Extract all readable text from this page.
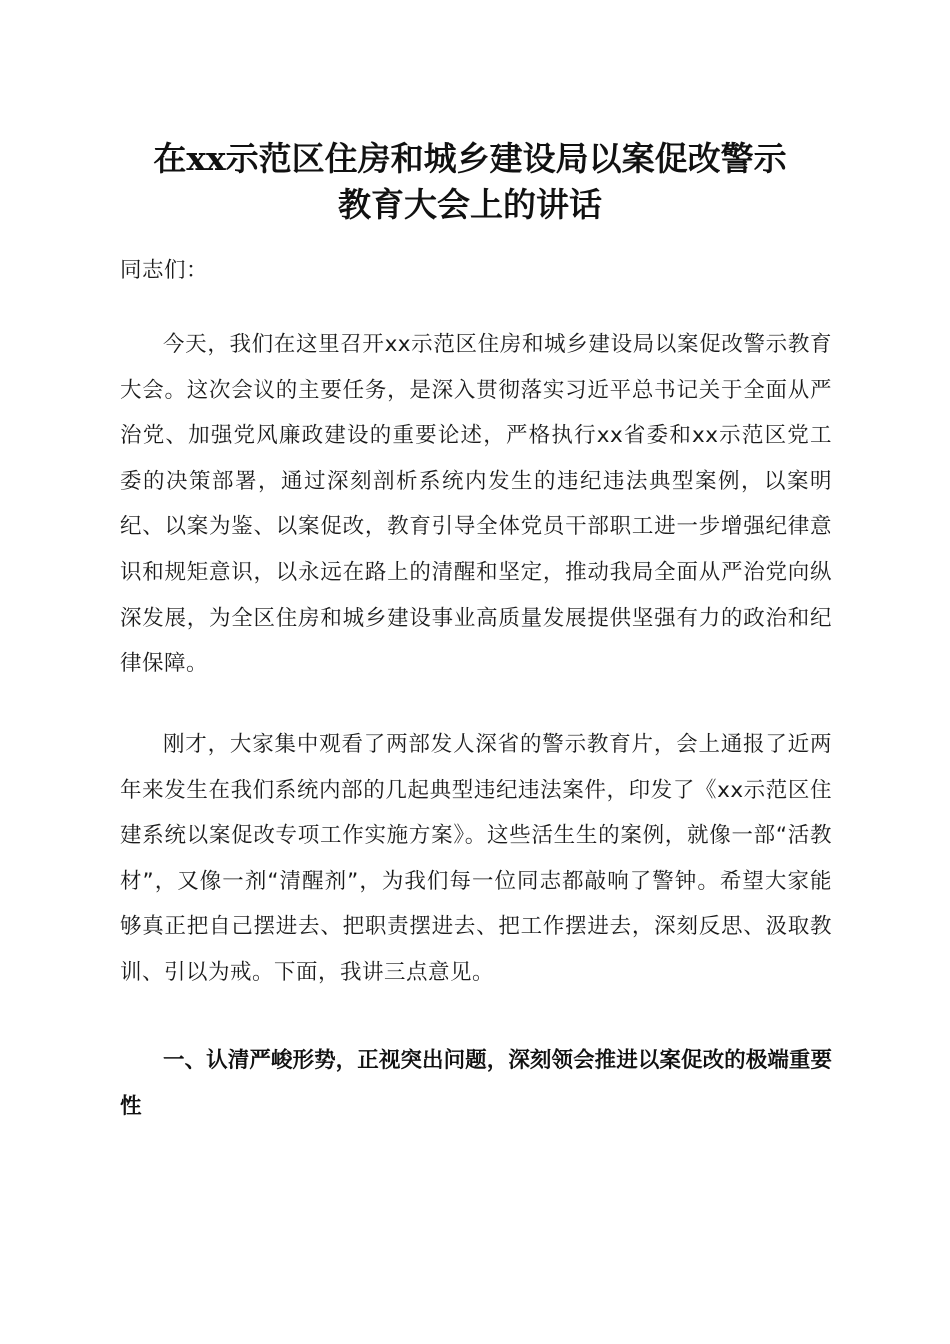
在xx示范区住房和城乡建设局以案促改警示
教育大会上的讲话

同志们：

今天，我们在这里召开xx示范区住房和城乡建设局以案促改警示教育大会。这次会议的主要任务，是深入贯彻落实习近平总书记关于全面从严治党、加强党风廉政建设的重要论述，严格执行xx省委和xx示范区党工委的决策部署，通过深刻剖析系统内发生的违纪违法典型案例，以案明纪、以案为鉴、以案促改，教育引导全体党员干部职工进一步增强纪律意识和规矩意识，以永远在路上的清醒和坚定，推动我局全面从严治党向纵深发展，为全区住房和城乡建设事业高质量发展提供坚强有力的政治和纪律保障。

刚才，大家集中观看了两部发人深省的警示教育片，会上通报了近两年来发生在我们系统内部的几起典型违纪违法案件，印发了《xx示范区住建系统以案促改专项工作实施方案》。这些活生生的案例，就像一部“活教材”，又像一剂“清醒剂”，为我们每一位同志都敲响了警钟。希望大家能够真正把自己摆进去、把职责摆进去、把工作摆进去，深刻反思、汲取教训、引以为戒。下面，我讲三点意见。

一、认清严峻形势，正视突出问题，深刻领会推进以案促改的极端重要性
